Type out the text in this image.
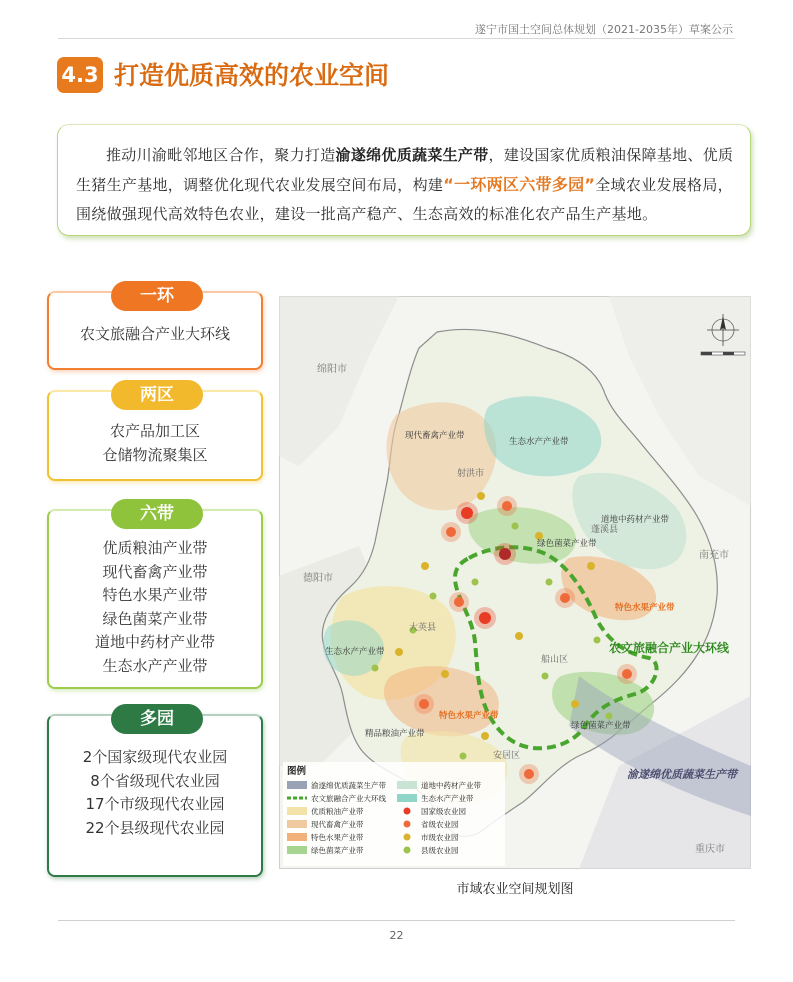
遂宁市国土空间总体规划（2021-2035年）草案公示
4.3 打造优质高效的农业空间

推动川渝毗邻地区合作，聚力打造渝遂绵优质蔬菜生产带，建设国家优质粮油保障基地、优质生猪生产基地，调整优化现代农业发展空间布局，构建“一环两区六带多园”全域农业发展格局，围绕做强现代高效特色农业，建设一批高产稳产、生态高效的标准化农产品生产基地。

一环
农文旅融合产业大环线
两区
农产品加工区
仓储物流聚集区
六带
优质粮油产业带
现代畜禽产业带
特色水果产业带
绿色菌菜产业带
道地中药材产业带
生态水产产业带
多园
2个国家级现代农业园
8个省级现代农业园
17个市级现代农业园
22个县级现代农业园
绵阳市
德阳市
南充市
重庆市
射洪市
蓬溪县
船山区
大英县
安居区
现代畜禽产业带
生态水产产业带
道地中药材产业带
绿色菌菜产业带
特色水果产业带
生态水产产业带
特色水果产业带
精品粮油产业带
绿色菌菜产业带
农文旅融合产业大环线
渝遂绵优质蔬菜生产带
图例
渝遂绵优质蔬菜生产带	道地中药材产业带
农文旅融合产业大环线	生态水产产业带
优质粮油产业带	国家级农业园
现代畜禽产业带	省级农业园
特色水果产业带	市级农业园
绿色菌菜产业带	县级农业园
市域农业空间规划图
22
